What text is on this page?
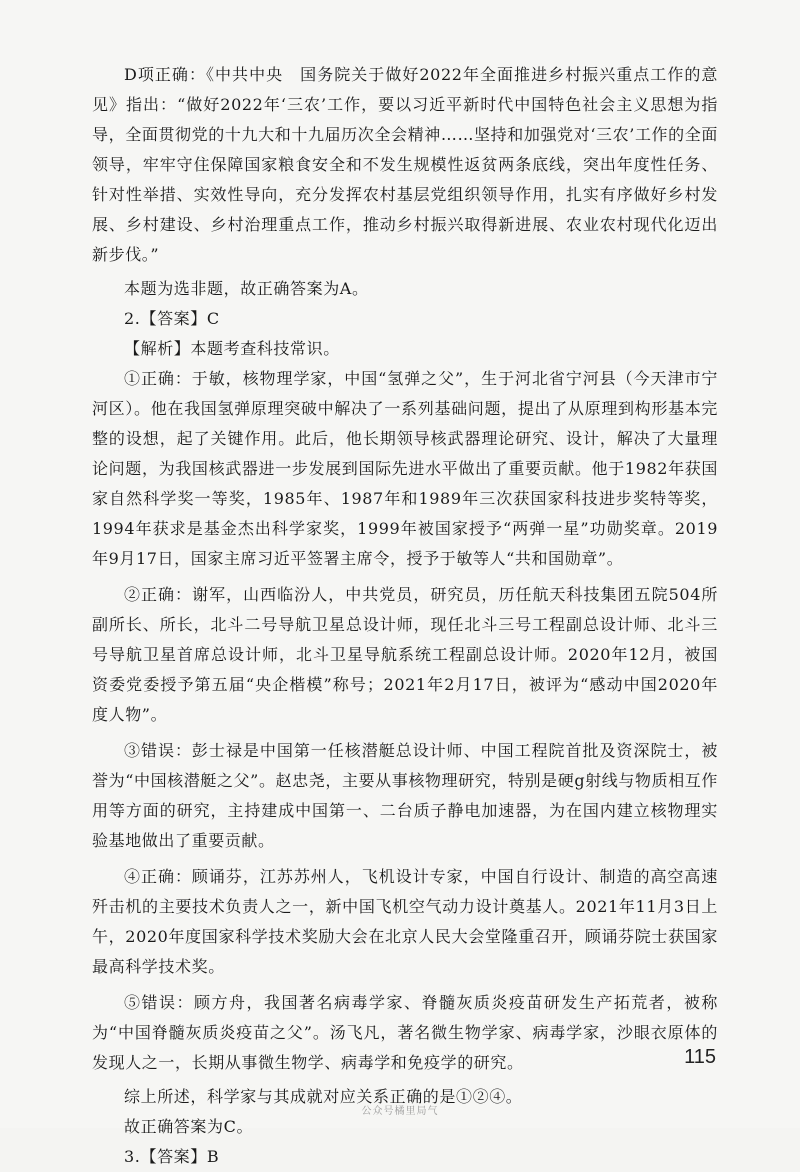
D项正确：《中共中央　国务院关于做好2022年全面推进乡村振兴重点工作的意见》指出：“做好2022年‘三农’工作，要以习近平新时代中国特色社会主义思想为指导，全面贯彻党的十九大和十九届历次全会精神……坚持和加强党对‘三农’工作的全面领导，牢牢守住保障国家粮食安全和不发生规模性返贫两条底线，突出年度性任务、针对性举措、实效性导向，充分发挥农村基层党组织领导作用，扎实有序做好乡村发展、乡村建设、乡村治理重点工作，推动乡村振兴取得新进展、农业农村现代化迈出新步伐。”

本题为选非题，故正确答案为A。

2.【答案】C

【解析】本题考查科技常识。

①正确：于敏，核物理学家，中国“氢弹之父”，生于河北省宁河县（今天津市宁河区）。他在我国氢弹原理突破中解决了一系列基础问题，提出了从原理到构形基本完整的设想，起了关键作用。此后，他长期领导核武器理论研究、设计，解决了大量理论问题，为我国核武器进一步发展到国际先进水平做出了重要贡献。他于1982年获国家自然科学奖一等奖，1985年、1987年和1989年三次获国家科技进步奖特等奖，1994年获求是基金杰出科学家奖，1999年被国家授予“两弹一星”功勋奖章。2019年9月17日，国家主席习近平签署主席令，授予于敏等人“共和国勋章”。

②正确：谢军，山西临汾人，中共党员，研究员，历任航天科技集团五院504所副所长、所长，北斗二号导航卫星总设计师，现任北斗三号工程副总设计师、北斗三号导航卫星首席总设计师，北斗卫星导航系统工程副总设计师。2020年12月，被国资委党委授予第五届“央企楷模”称号；2021年2月17日，被评为“感动中国2020年度人物”。

③错误：彭士禄是中国第一任核潜艇总设计师、中国工程院首批及资深院士，被誉为“中国核潜艇之父”。赵忠尧，主要从事核物理研究，特别是硬g射线与物质相互作用等方面的研究，主持建成中国第一、二台质子静电加速器，为在国内建立核物理实验基地做出了重要贡献。

④正确：顾诵芬，江苏苏州人，飞机设计专家，中国自行设计、制造的高空高速歼击机的主要技术负责人之一，新中国飞机空气动力设计奠基人。2021年11月3日上午，2020年度国家科学技术奖励大会在北京人民大会堂隆重召开，顾诵芬院士获国家最高科学技术奖。

⑤错误：顾方舟，我国著名病毒学家、脊髓灰质炎疫苗研发生产拓荒者，被称为“中国脊髓灰质炎疫苗之父”。汤飞凡，著名微生物学家、病毒学家，沙眼衣原体的发现人之一，长期从事微生物学、病毒学和免疫学的研究。

综上所述，科学家与其成就对应关系正确的是①②④。

故正确答案为C。

3.【答案】B

115
公众号橘里局气
